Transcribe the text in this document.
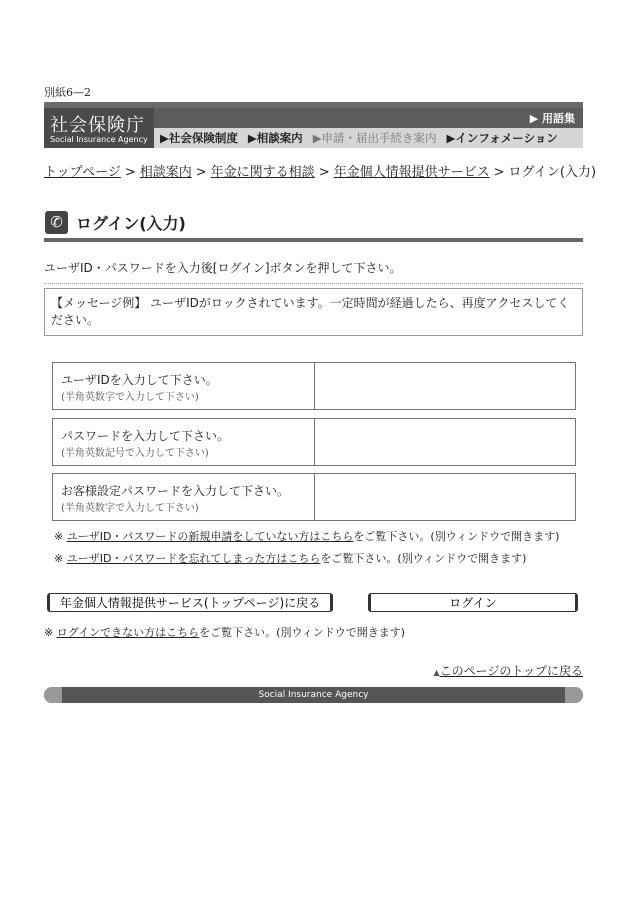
別紙6—2
社会保険庁
Social Insurance Agency
▶ 用語集
▶社会保険制度 ▶相談案内 ▶申請・届出手続き案内 ▶インフォメーション
トップページ > 相談案内 > 年金に関する相談 > 年金個人情報提供サービス > ログイン(入力)
✆ ログイン(入力)
ユーザID・パスワードを入力後[ログイン]ボタンを押して下さい。
【メッセージ例】 ユーザIDがロックされています。一定時間が経過したら、再度アクセスしてください。
ユーザIDを入力して下さい。
(半角英数字で入力して下さい)
パスワードを入力して下さい。
(半角英数記号で入力して下さい)
お客様設定パスワードを入力して下さい。
(半角英数字で入力して下さい)
※ ユーザID・パスワードの新規申請をしていない方はこちらをご覧下さい。(別ウィンドウで開きます)
※ ユーザID・パスワードを忘れてしまった方はこちらをご覧下さい。(別ウィンドウで開きます)
年金個人情報提供サービス(トップページ)に戻る	ログイン
※ ログインできない方はこちらをご覧下さい。(別ウィンドウで開きます)
▲このページのトップに戻る
Social Insurance Agency
